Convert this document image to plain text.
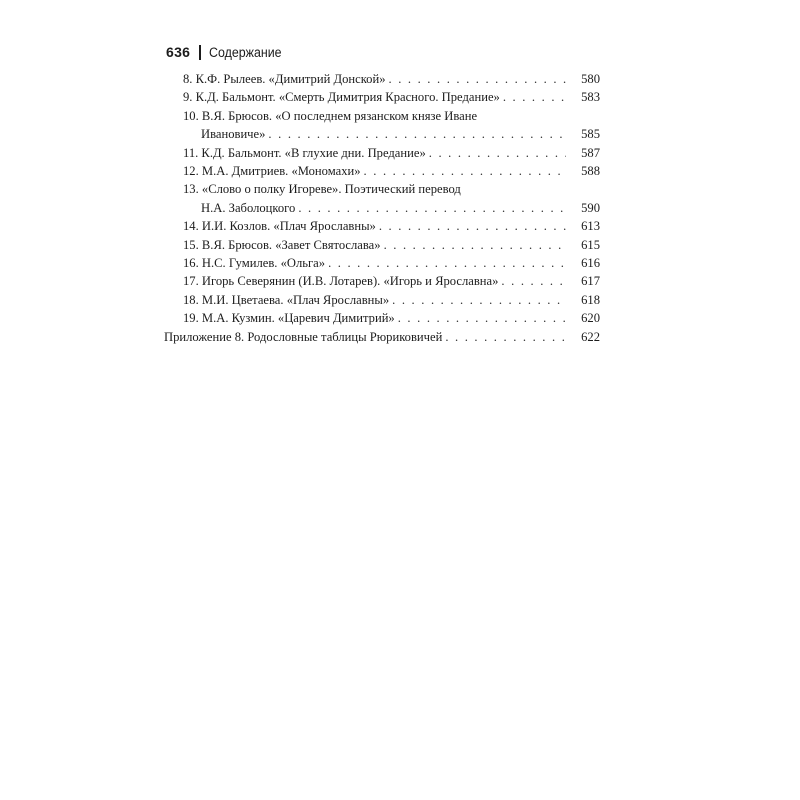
636 Содержание
8. К.Ф. Рылеев. «Димитрий Донской» . . .	580
9. К.Д. Бальмонт. «Смерть Димитрия Красного. Предание» . . .	583
10. В.Я. Брюсов. «О последнем рязанском князе Иване
Ивановиче» . . .	585
11. К.Д. Бальмонт. «В глухие дни. Предание» . . .	587
12. М.А. Дмитриев. «Мономахи» . . .	588
13. «Слово о полку Игореве». Поэтический перевод
Н.А. Заболоцкого . . .	590
14. И.И. Козлов. «Плач Ярославны» . . .	613
15. В.Я. Брюсов. «Завет Святослава» . . .	615
16. Н.С. Гумилев. «Ольга» . . .	616
17. Игорь Северянин (И.В. Лотарев). «Игорь и Ярославна» . . .	617
18. М.И. Цветаева. «Плач Ярославны» . . .	618
19. М.А. Кузмин. «Царевич Димитрий» . . .	620
Приложение 8. Родословные таблицы Рюриковичей . . .	622
